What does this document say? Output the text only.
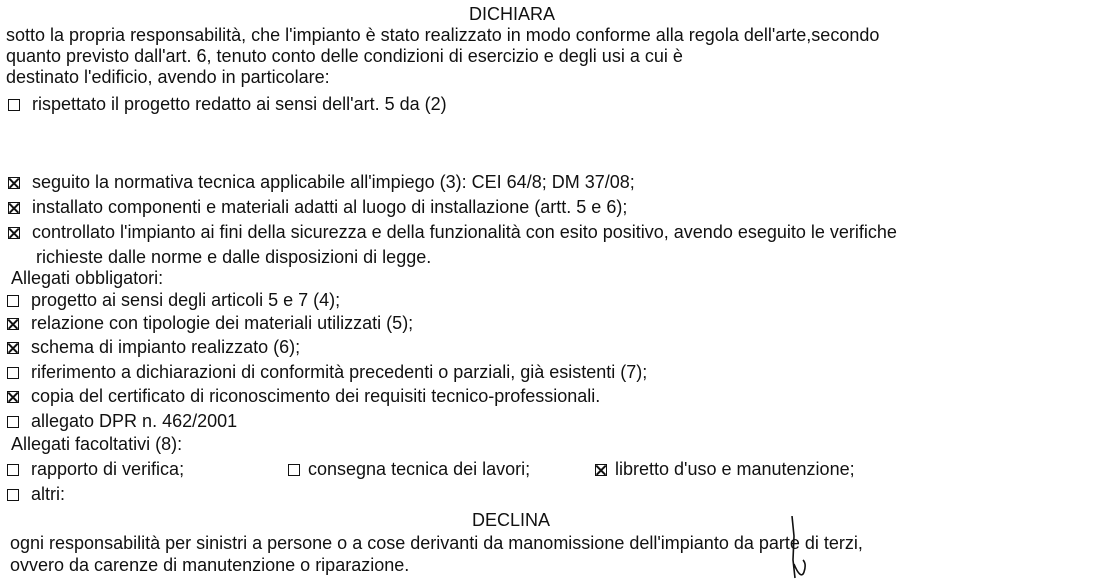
DICHIARA
sotto la propria responsabilità, che l'impianto è stato realizzato in modo conforme alla regola dell'arte,secondo
quanto previsto dall'art. 6, tenuto conto delle condizioni di esercizio e degli usi a cui è
destinato l'edificio, avendo in particolare:
rispettato il progetto redatto ai sensi dell'art. 5 da (2)
seguito la normativa tecnica applicabile all'impiego (3): CEI 64/8; DM 37/08;
installato componenti e materiali adatti al luogo di installazione (artt. 5 e 6);
controllato l'impianto ai fini della sicurezza e della funzionalità con esito positivo, avendo eseguito le verifiche
richieste dalle norme e dalle disposizioni di legge.
Allegati obbligatori:
progetto ai sensi degli articoli 5 e 7 (4);
relazione con tipologie dei materiali utilizzati (5);
schema di impianto realizzato (6);
riferimento a dichiarazioni di conformità precedenti o parziali, già esistenti (7);
copia del certificato di riconoscimento dei requisiti tecnico-professionali.
allegato DPR n. 462/2001
Allegati facoltativi (8):
rapporto di verifica;	consegna tecnica dei lavori;	libretto d'uso e manutenzione;
altri:
DECLINA
ogni responsabilità per sinistri a persone o a cose derivanti da manomissione dell'impianto da parte di terzi,
ovvero da carenze di manutenzione o riparazione.
